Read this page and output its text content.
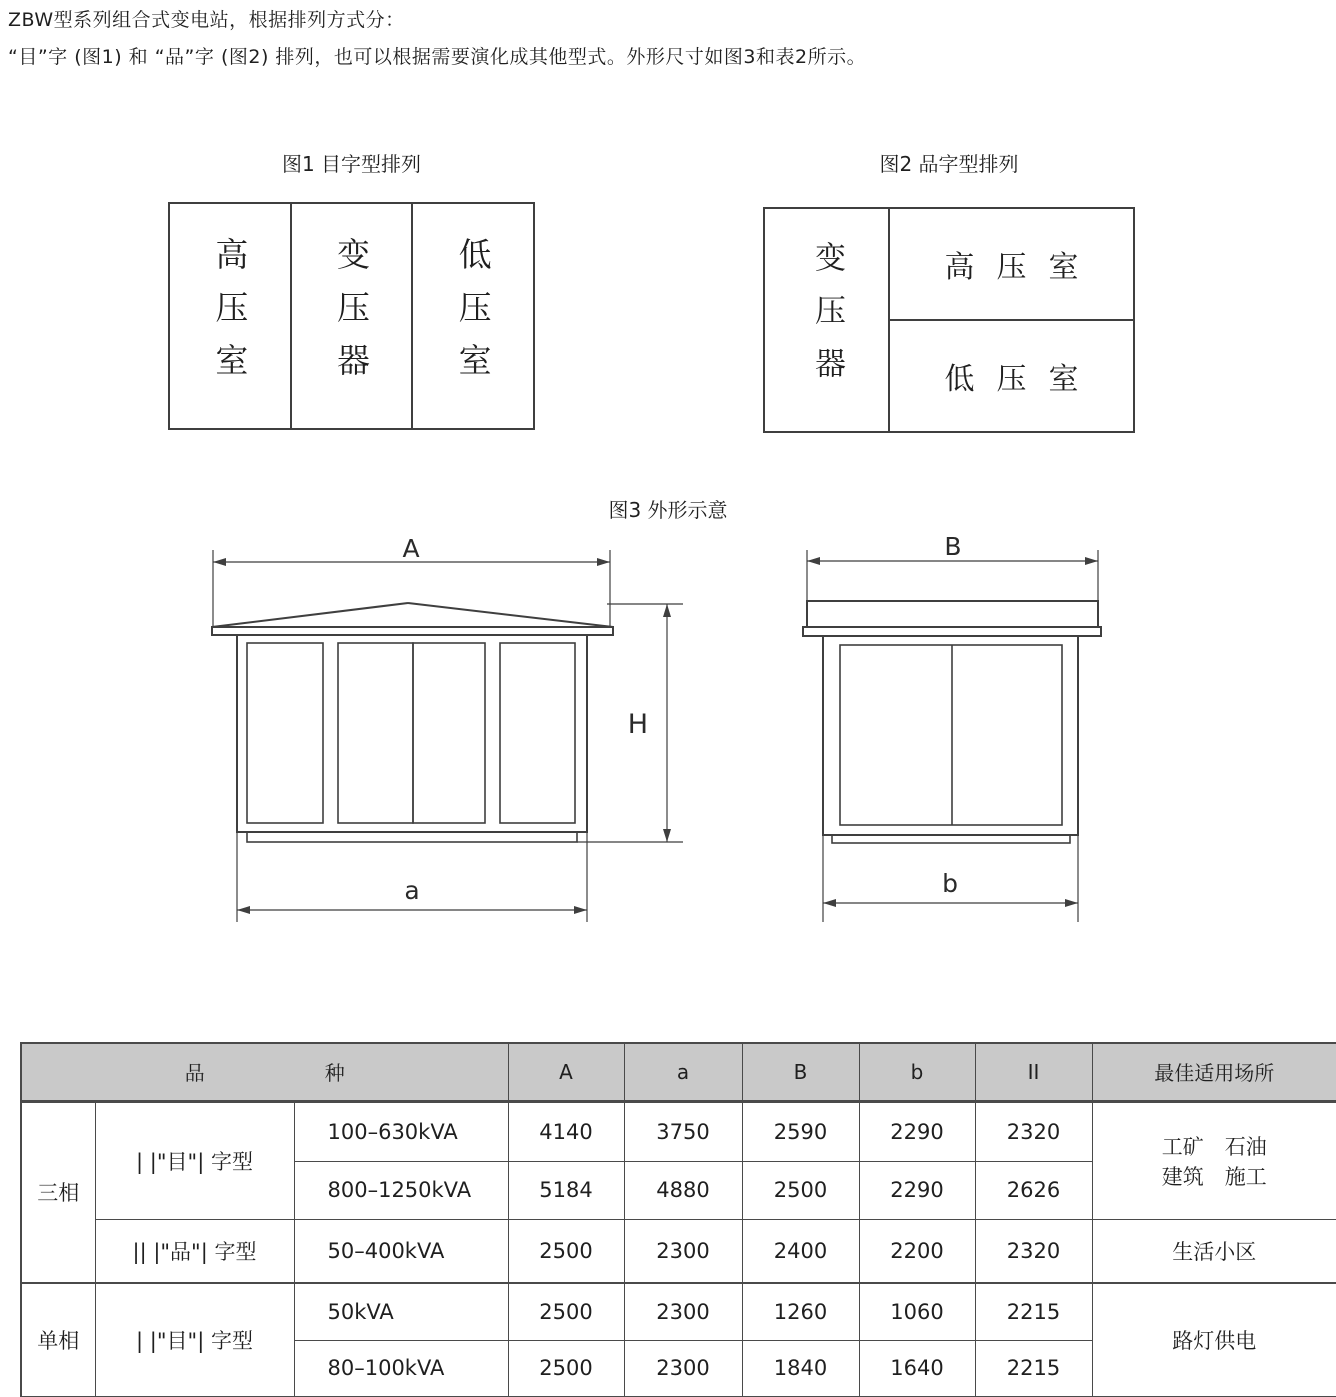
ZBW型系列组合式变电站，根据排列方式分：
“目”字 (图1) 和 “品”字 (图2) 排列，也可以根据需要演化成其他型式。外形尺寸如图3和表2所示。
图1 目字型排列
高压室	变压器	低压室
图2 品字型排列
变压器	高压室
低压室
图3 外形示意
A
H
a
B
b
品　　　　　　种			A	a	B	b	II	最佳适用场所
三相	| |"目"| 字型	100–630kVA	4140	3750	2590	2290	2320	工矿　石油
建筑　施工

		800–1250kVA	5184	4880	2500	2290	2626	
	|| |"品"| 字型	50–400kVA	2500	2300	2400	2200	2320	生活小区
单相	| |"目"| 字型	50kVA	2500	2300	1260	1060	2215	路灯供电
		80–100kVA	2500	2300	1840	1640	2215	
